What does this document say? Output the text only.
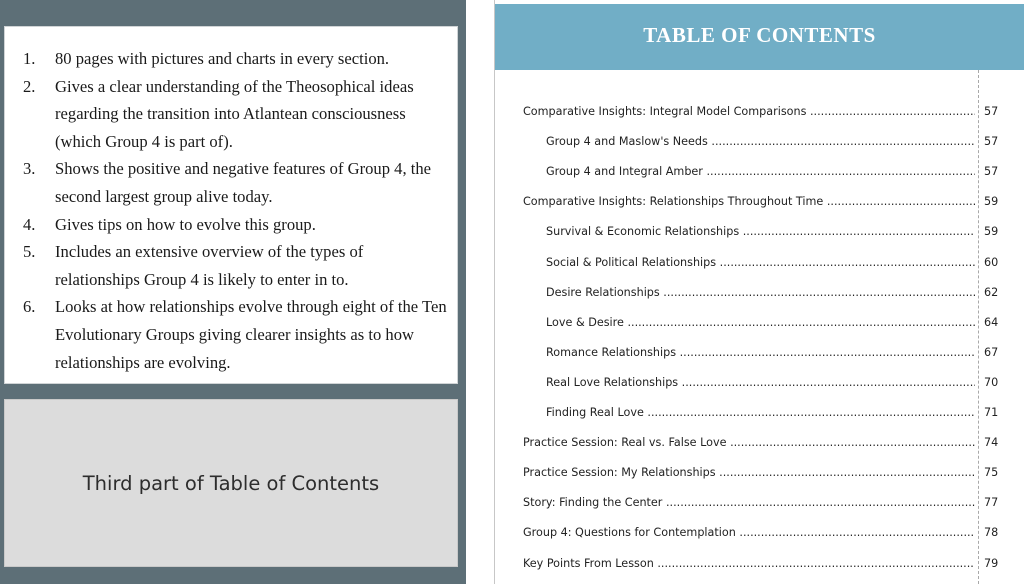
1.	80 pages with pictures and charts in every section.
2.	Gives a clear understanding of the Theosophical ideas regarding the transition into Atlantean consciousness (which Group 4 is part of).
3.	Shows the positive and negative features of Group 4, the second largest group alive today.
4.	Gives tips on how to evolve this group.
5.	Includes an extensive overview of the types of relationships Group 4 is likely to enter in to.
6.	Looks at how relationships evolve through eight of the Ten Evolutionary Groups giving clearer insights as to how relationships are evolving.
Third part of Table of Contents
TABLE OF CONTENTS
Comparative Insights: Integral Model Comparisons .....	57
Group 4 and Maslow's Needs .....	57
Group 4 and Integral Amber .....	57
Comparative Insights: Relationships Throughout Time .....	59
Survival & Economic Relationships .....	59
Social & Political Relationships .....	60
Desire Relationships .....	62
Love & Desire .....	64
Romance Relationships .....	67
Real Love Relationships .....	70
Finding Real Love .....	71
Practice Session: Real vs. False Love .....	74
Practice Session: My Relationships .....	75
Story: Finding the Center .....	77
Group 4: Questions for Contemplation .....	78
Key Points From Lesson .....	79
